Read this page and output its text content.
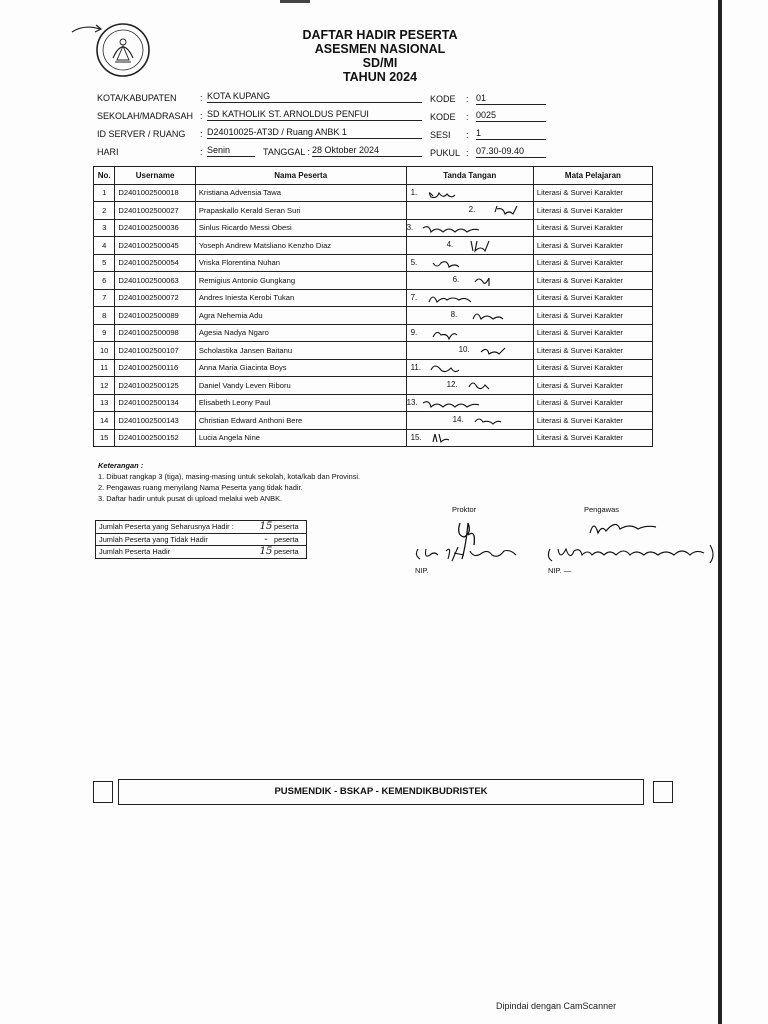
DAFTAR HADIR PESERTA
ASESMEN NASIONAL SD/MI
TAHUN 2024
KOTA/KABUPATEN	: KOTA KUPANG	KODE : 01
SEKOLAH/MADRASAH : SD KATHOLIK ST. ARNOLDUS PENFUI	KODE : 0025
ID SERVER / RUANG : D24010025-AT3D / Ruang ANBK 1	SESI : 1
HARI	: Senin	TANGGAL : 28 Oktober 2024	PUKUL : 07.30-09.40
No.	Username	Nama Peserta	Tanda Tangan	Mata Pelajaran
1	D2401002500018	Kristiana Advensia Tawa	1.	Literasi & Survei Karakter
2	D2401002500027	Prapaskallo Kerald Seran Suri	2.	Literasi & Survei Karakter
3	D2401002500036	Sinlus Ricardo Messi Obesi	3.	Literasi & Survei Karakter
4	D2401002500045	Yoseph Andrew Matsliano Kenzho Diaz	4.	Literasi & Survei Karakter
5	D2401002500054	Vriska Florentina Nuhan	5.	Literasi & Survei Karakter
6	D2401002500063	Remigius Antonio Gungkang	6.	Literasi & Survei Karakter
7	D2401002500072	Andres Iniesta Kerobi Tukan	7.	Literasi & Survei Karakter
8	D2401002500089	Agra Nehemia Adu	8.	Literasi & Survei Karakter
9	D2401002500098	Agesia Nadya Ngaro	9.	Literasi & Survei Karakter
10	D2401002500107	Scholastika Jansen Baitanu	10.	Literasi & Survei Karakter
11	D2401002500116	Anna Maria Giacinta Boys	11.	Literasi & Survei Karakter
12	D2401002500125	Daniel Vandy Leven Riboru	12.	Literasi & Survei Karakter
13	D2401002500134	Elisabeth Leony Paul	13.	Literasi & Survei Karakter
14	D2401002500143	Christian Edward Anthoni Bere	14.	Literasi & Survei Karakter
15	D2401002500152	Lucia Angela Nine	15.	Literasi & Survei Karakter
Keterangan :
1. Dibuat rangkap 3 (tiga), masing-masing untuk sekolah, kota/kab dan Provinsi.
2. Pengawas ruang menyilang Nama Peserta yang tidak hadir.
3. Daftar hadir untuk pusat di upload melalui web ANBK.
Jumlah Peserta yang Seharusnya Hadir :	15 peserta
Jumlah Peserta yang Tidak Hadir	- peserta
Jumlah Peserta Hadir	15 peserta
Proktor	Pengawas
NIP.	NIP. —
PUSMENDIK - BSKAP - KEMENDIKBUDRISTEK
Dipindai dengan CamScanner
